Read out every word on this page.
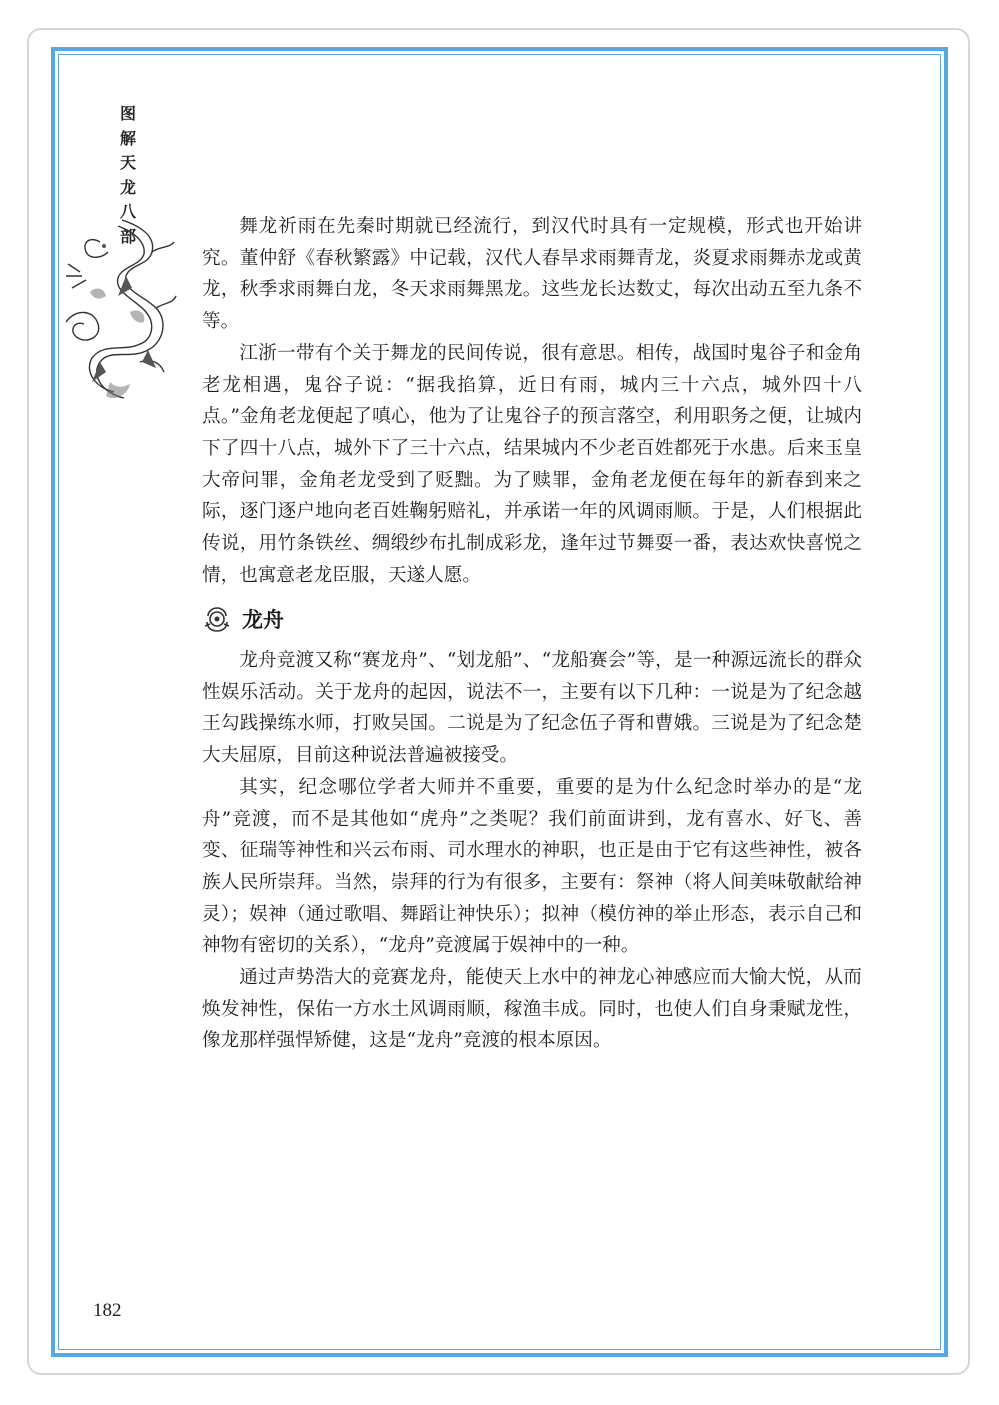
图
解
天
龙
八
部	舞龙祈雨在先秦时期就已经流行，到汉代时具有一定规模，形式也开始讲究。董仲舒《春秋繁露》中记载，汉代人春旱求雨舞青龙，炎夏求雨舞赤龙或黄龙，秋季求雨舞白龙，冬天求雨舞黑龙。这些龙长达数丈，每次出动五至九条不等。

江浙一带有个关于舞龙的民间传说，很有意思。相传，战国时鬼谷子和金角老龙相遇，鬼谷子说：“据我掐算，近日有雨，城内三十六点，城外四十八点。”金角老龙便起了嗔心，他为了让鬼谷子的预言落空，利用职务之便，让城内下了四十八点，城外下了三十六点，结果城内不少老百姓都死于水患。后来玉皇大帝问罪，金角老龙受到了贬黜。为了赎罪，金角老龙便在每年的新春到来之际，逐门逐户地向老百姓鞠躬赔礼，并承诺一年的风调雨顺。于是，人们根据此传说，用竹条铁丝、绸缎纱布扎制成彩龙，逢年过节舞耍一番，表达欢快喜悦之情，也寓意老龙臣服，天遂人愿。

龙舟

龙舟竞渡又称“赛龙舟”、“划龙船”、“龙船赛会”等，是一种源远流长的群众性娱乐活动。关于龙舟的起因，说法不一，主要有以下几种：一说是为了纪念越王勾践操练水师，打败吴国。二说是为了纪念伍子胥和曹娥。三说是为了纪念楚大夫屈原，目前这种说法普遍被接受。

其实，纪念哪位学者大师并不重要，重要的是为什么纪念时举办的是“龙舟”竞渡，而不是其他如“虎舟”之类呢？我们前面讲到，龙有喜水、好飞、善变、征瑞等神性和兴云布雨、司水理水的神职，也正是由于它有这些神性，被各族人民所崇拜。当然，崇拜的行为有很多，主要有：祭神（将人间美味敬献给神灵）；娱神（通过歌唱、舞蹈让神快乐）；拟神（模仿神的举止形态，表示自己和神物有密切的关系），“龙舟”竞渡属于娱神中的一种。

通过声势浩大的竞赛龙舟，能使天上水中的神龙心神感应而大愉大悦，从而焕发神性，保佑一方水土风调雨顺，稼渔丰成。同时，也使人们自身秉赋龙性，像龙那样强悍矫健，这是“龙舟”竞渡的根本原因。

182
